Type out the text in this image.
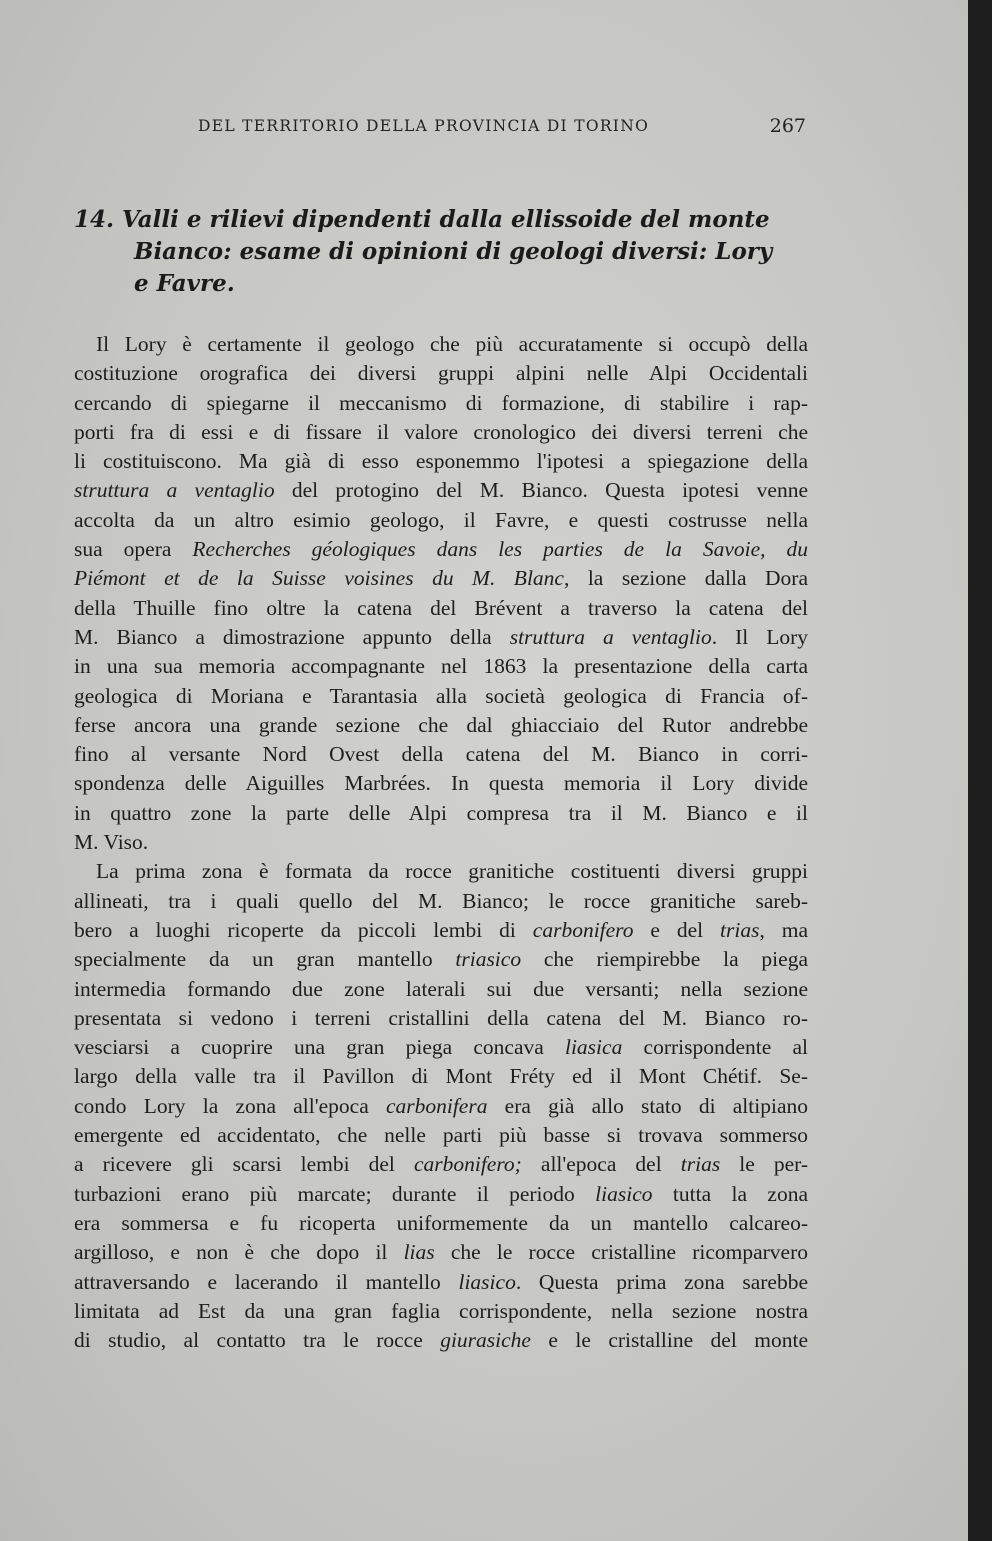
DEL TERRITORIO DELLA PROVINCIA DI TORINO	267
14. Valli e rilievi dipendenti dalla ellissoide del monte
Bianco: esame di opinioni di geologi diversi: Lory
e Favre.
Il Lory è certamente il geologo che più accuratamente si occupò della
costituzione orografica dei diversi gruppi alpini nelle Alpi Occidentali
cercando di spiegarne il meccanismo di formazione, di stabilire i rap-
porti fra di essi e di fissare il valore cronologico dei diversi terreni che
li costituiscono. Ma già di esso esponemmo l'ipotesi a spiegazione della
struttura a ventaglio del protogino del M. Bianco. Questa ipotesi venne
accolta da un altro esimio geologo, il Favre, e questi costrusse nella
sua opera Recherches géologiques dans les parties de la Savoie, du
Piémont et de la Suisse voisines du M. Blanc, la sezione dalla Dora
della Thuille fino oltre la catena del Brévent a traverso la catena del
M. Bianco a dimostrazione appunto della struttura a ventaglio. Il Lory
in una sua memoria accompagnante nel 1863 la presentazione della carta
geologica di Moriana e Tarantasia alla società geologica di Francia of-
ferse ancora una grande sezione che dal ghiacciaio del Rutor andrebbe
fino al versante Nord Ovest della catena del M. Bianco in corri-
spondenza delle Aiguilles Marbrées. In questa memoria il Lory divide
in quattro zone la parte delle Alpi compresa tra il M. Bianco e il
M. Viso.
La prima zona è formata da rocce granitiche costituenti diversi gruppi
allineati, tra i quali quello del M. Bianco; le rocce granitiche sareb-
bero a luoghi ricoperte da piccoli lembi di carbonifero e del trias, ma
specialmente da un gran mantello triasico che riempirebbe la piega
intermedia formando due zone laterali sui due versanti; nella sezione
presentata si vedono i terreni cristallini della catena del M. Bianco ro-
vesciarsi a cuoprire una gran piega concava liasica corrispondente al
largo della valle tra il Pavillon di Mont Fréty ed il Mont Chétif. Se-
condo Lory la zona all'epoca carbonifera era già allo stato di altipiano
emergente ed accidentato, che nelle parti più basse si trovava sommerso
a ricevere gli scarsi lembi del carbonifero; all'epoca del trias le per-
turbazioni erano più marcate; durante il periodo liasico tutta la zona
era sommersa e fu ricoperta uniformemente da un mantello calcareo-
argilloso, e non è che dopo il lias che le rocce cristalline ricomparvero
attraversando e lacerando il mantello liasico. Questa prima zona sarebbe
limitata ad Est da una gran faglia corrispondente, nella sezione nostra
di studio, al contatto tra le rocce giurasiche e le cristalline del monte
